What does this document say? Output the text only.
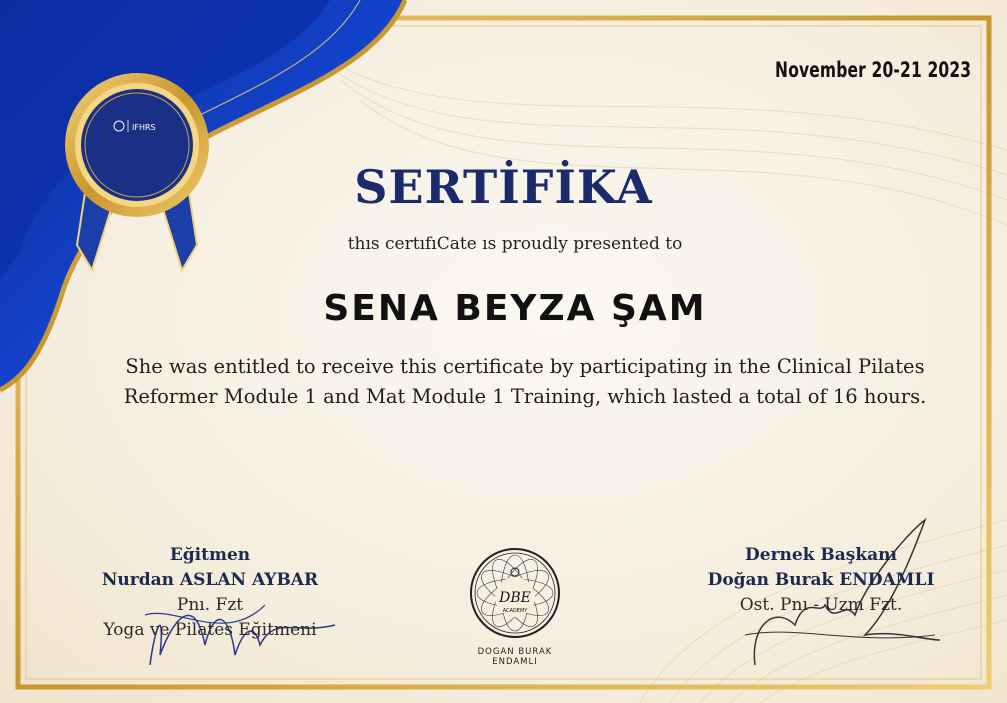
IFHRS
November 20-21 2023
SERTİFİKA
thıs certıfıCate ıs proudly presented to
SENA BEYZA ŞAM
She was entitled to receive this certificate by participating in the Clinical Pilates
Reformer Module 1 and Mat Module 1 Training, which lasted a total of 16 hours.
Eğitmen
Nurdan ASLAN AYBAR
Pnı. Fzt
Yoga ve Pilates Eğitmeni
Dernek Başkanı
Doğan Burak ENDAMLI
Ost. Pnı - Uzm Fzt.
DBE
ACADEMY
DOGAN BURAK ENDAMLI
